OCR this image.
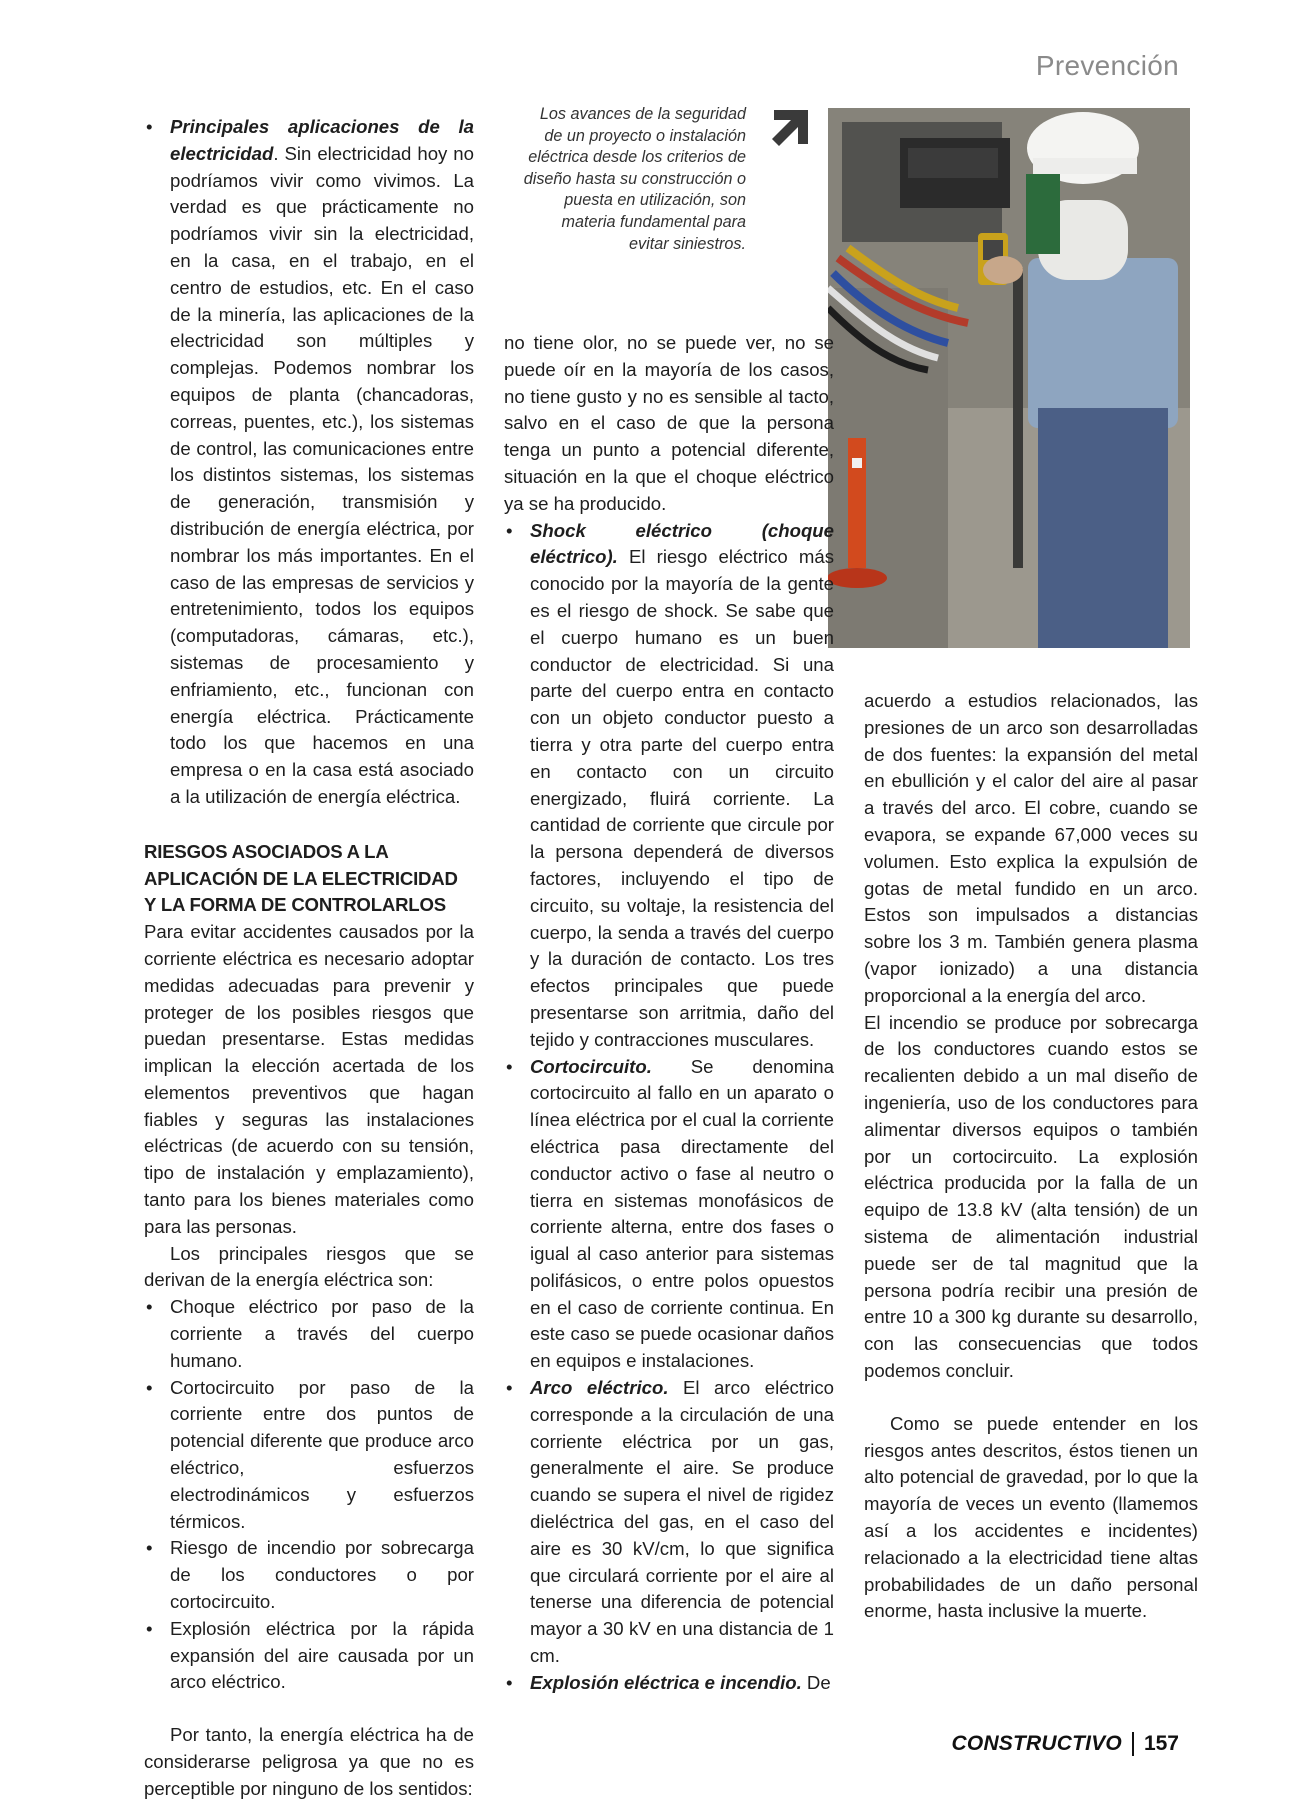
Prevención
• Principales aplicaciones de la electricidad. Sin electricidad hoy no podríamos vivir como vivimos. La verdad es que prácticamente no podríamos vivir sin la electricidad, en la casa, en el trabajo, en el centro de estudios, etc. En el caso de la minería, las aplicaciones de la electricidad son múltiples y complejas. Podemos nombrar los equipos de planta (chancadoras, correas, puentes, etc.), los sistemas de control, las comunicaciones entre los distintos sistemas, los sistemas de generación, transmisión y distribución de energía eléctrica, por nombrar los más importantes. En el caso de las empresas de servicios y entretenimiento, todos los equipos (computadoras, cámaras, etc.), sistemas de procesamiento y enfriamiento, etc., funcionan con energía eléctrica. Prácticamente todo los que hacemos en una empresa o en la casa está asociado a la utilización de energía eléctrica.
RIESGOS ASOCIADOS A LA APLICACIÓN DE LA ELECTRICIDAD Y LA FORMA DE CONTROLARLOS

Para evitar accidentes causados por la corriente eléctrica es necesario adoptar medidas adecuadas para prevenir y proteger de los posibles riesgos que puedan presentarse. Estas medidas implican la elección acertada de los elementos preventivos que hagan fiables y seguras las instalaciones eléctricas (de acuerdo con su tensión, tipo de instalación y emplazamiento), tanto para los bienes materiales como para las personas.

Los principales riesgos que se derivan de la energía eléctrica son:

• Choque eléctrico por paso de la corriente a través del cuerpo humano.
• Cortocircuito por paso de la corriente entre dos puntos de potencial diferente que produce arco eléctrico, esfuerzos electrodinámicos y esfuerzos térmicos.
• Riesgo de incendio por sobrecarga de los conductores o por cortocircuito.
• Explosión eléctrica por la rápida expansión del aire causada por un arco eléctrico.

Por tanto, la energía eléctrica ha de considerarse peligrosa ya que no es perceptible por ninguno de los sentidos:

Los avances de la seguridad de un proyecto o instalación eléctrica desde los criterios de diseño hasta su construcción o puesta en utilización, son materia fundamental para evitar siniestros.

no tiene olor, no se puede ver, no se puede oír en la mayoría de los casos, no tiene gusto y no es sensible al tacto, salvo en el caso de que la persona tenga un punto a potencial diferente, situación en la que el choque eléctrico ya se ha producido.

• Shock eléctrico (choque eléctrico). El riesgo eléctrico más conocido por la mayoría de la gente es el riesgo de shock. Se sabe que el cuerpo humano es un buen conductor de electricidad. Si una parte del cuerpo entra en contacto con un objeto conductor puesto a tierra y otra parte del cuerpo entra en contacto con un circuito energizado, fluirá corriente. La cantidad de corriente que circule por la persona dependerá de diversos factores, incluyendo el tipo de circuito, su voltaje, la resistencia del cuerpo, la senda a través del cuerpo y la duración de contacto. Los tres efectos principales que puede presentarse son arritmia, daño del tejido y contracciones musculares.
• Cortocircuito. Se denomina cortocircuito al fallo en un aparato o línea eléctrica por el cual la corriente eléctrica pasa directamente del conductor activo o fase al neutro o tierra en sistemas monofásicos de corriente alterna, entre dos fases o igual al caso anterior para sistemas polifásicos, o entre polos opuestos en el caso de corriente continua. En este caso se puede ocasionar daños en equipos e instalaciones.
• Arco eléctrico. El arco eléctrico corresponde a la circulación de una corriente eléctrica por un gas, generalmente el aire. Se produce cuando se supera el nivel de rigidez dieléctrica del gas, en el caso del aire es 30 kV/cm, lo que significa que circulará corriente por el aire al tenerse una diferencia de potencial mayor a 30 kV en una distancia de 1 cm.
• Explosión eléctrica e incendio. De

acuerdo a estudios relacionados, las presiones de un arco son desarrolladas de dos fuentes: la expansión del metal en ebullición y el calor del aire al pasar a través del arco. El cobre, cuando se evapora, se expande 67,000 veces su volumen. Esto explica la expulsión de gotas de metal fundido en un arco. Estos son impulsados a distancias sobre los 3 m. También genera plasma (vapor ionizado) a una distancia proporcional a la energía del arco.

El incendio se produce por sobrecarga de los conductores cuando estos se recalienten debido a un mal diseño de ingeniería, uso de los conductores para alimentar diversos equipos o también por un cortocircuito. La explosión eléctrica producida por la falla de un equipo de 13.8 kV (alta tensión) de un sistema de alimentación industrial puede ser de tal magnitud que la persona podría recibir una presión de entre 10 a 300 kg durante su desarrollo, con las consecuencias que todos podemos concluir.

Como se puede entender en los riesgos antes descritos, éstos tienen un alto potencial de gravedad, por lo que la mayoría de veces un evento (llamemos así a los accidentes e incidentes) relacionado a la electricidad tiene altas probabilidades de un daño personal enorme, hasta inclusive la muerte.

CONSTRUCTIVO 157
